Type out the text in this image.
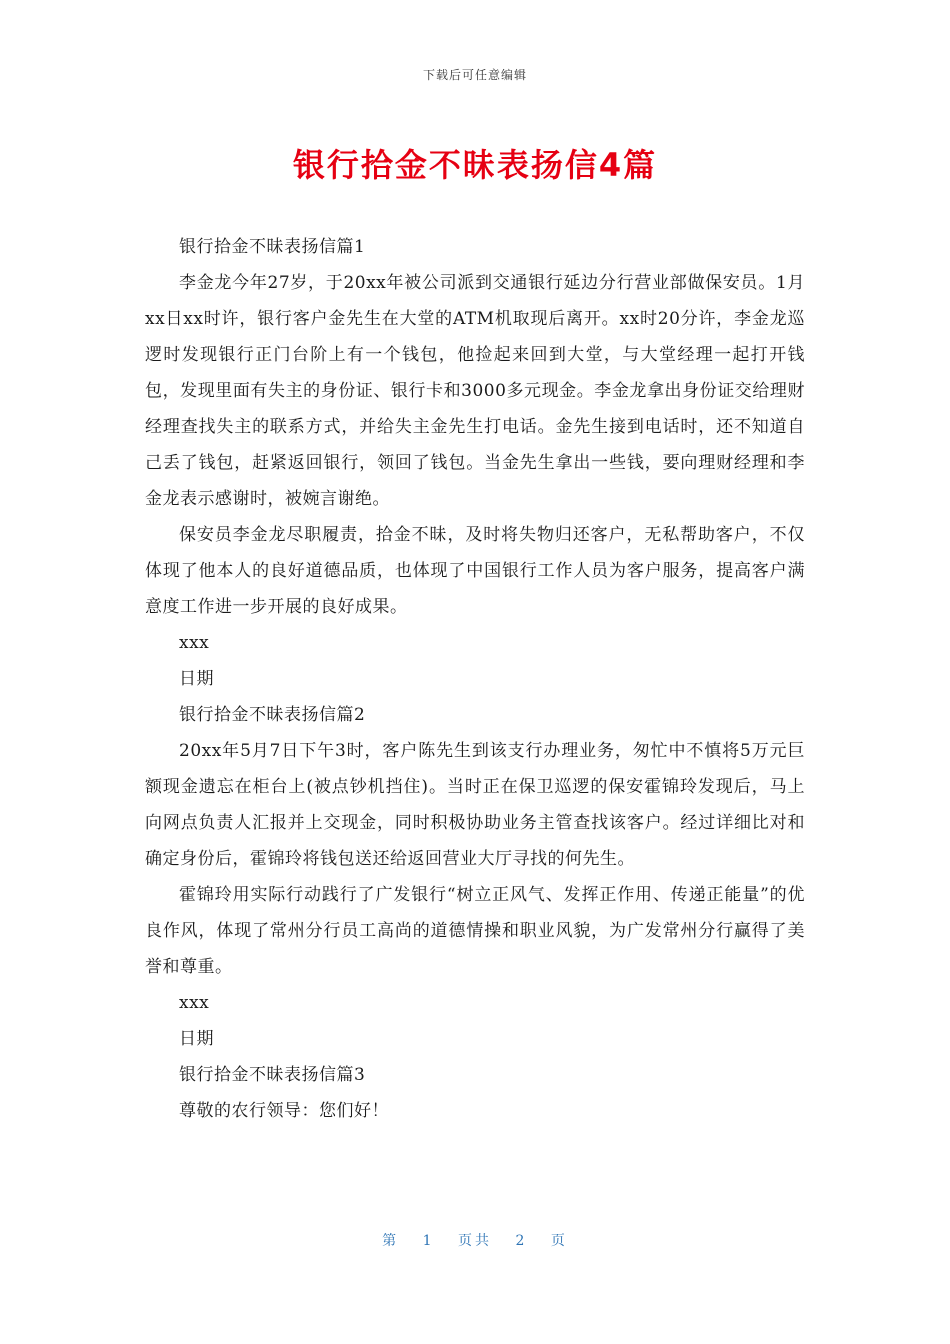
下载后可任意编辑
银行拾金不昧表扬信4篇

银行拾金不昧表扬信篇1

李金龙今年27岁，于20xx年被公司派到交通银行延边分行营业部做保安员。1月xx日xx时许，银行客户金先生在大堂的ATM机取现后离开。xx时20分许，李金龙巡逻时发现银行正门台阶上有一个钱包，他捡起来回到大堂，与大堂经理一起打开钱包，发现里面有失主的身份证、银行卡和3000多元现金。李金龙拿出身份证交给理财经理查找失主的联系方式，并给失主金先生打电话。金先生接到电话时，还不知道自己丢了钱包，赶紧返回银行，领回了钱包。当金先生拿出一些钱，要向理财经理和李金龙表示感谢时，被婉言谢绝。

保安员李金龙尽职履责，拾金不昧，及时将失物归还客户，无私帮助客户，不仅体现了他本人的良好道德品质，也体现了中国银行工作人员为客户服务，提高客户满意度工作进一步开展的良好成果。

xxx

日期

银行拾金不昧表扬信篇2

20xx年5月7日下午3时，客户陈先生到该支行办理业务，匆忙中不慎将5万元巨额现金遗忘在柜台上(被点钞机挡住)。当时正在保卫巡逻的保安霍锦玲发现后，马上向网点负责人汇报并上交现金，同时积极协助业务主管查找该客户。经过详细比对和确定身份后，霍锦玲将钱包送还给返回营业大厅寻找的何先生。

霍锦玲用实际行动践行了广发银行“树立正风气、发挥正作用、传递正能量”的优良作风，体现了常州分行员工高尚的道德情操和职业风貌，为广发常州分行赢得了美誉和尊重。

xxx

日期

银行拾金不昧表扬信篇3

尊敬的农行领导：您们好！

第 1 页共 2 页
